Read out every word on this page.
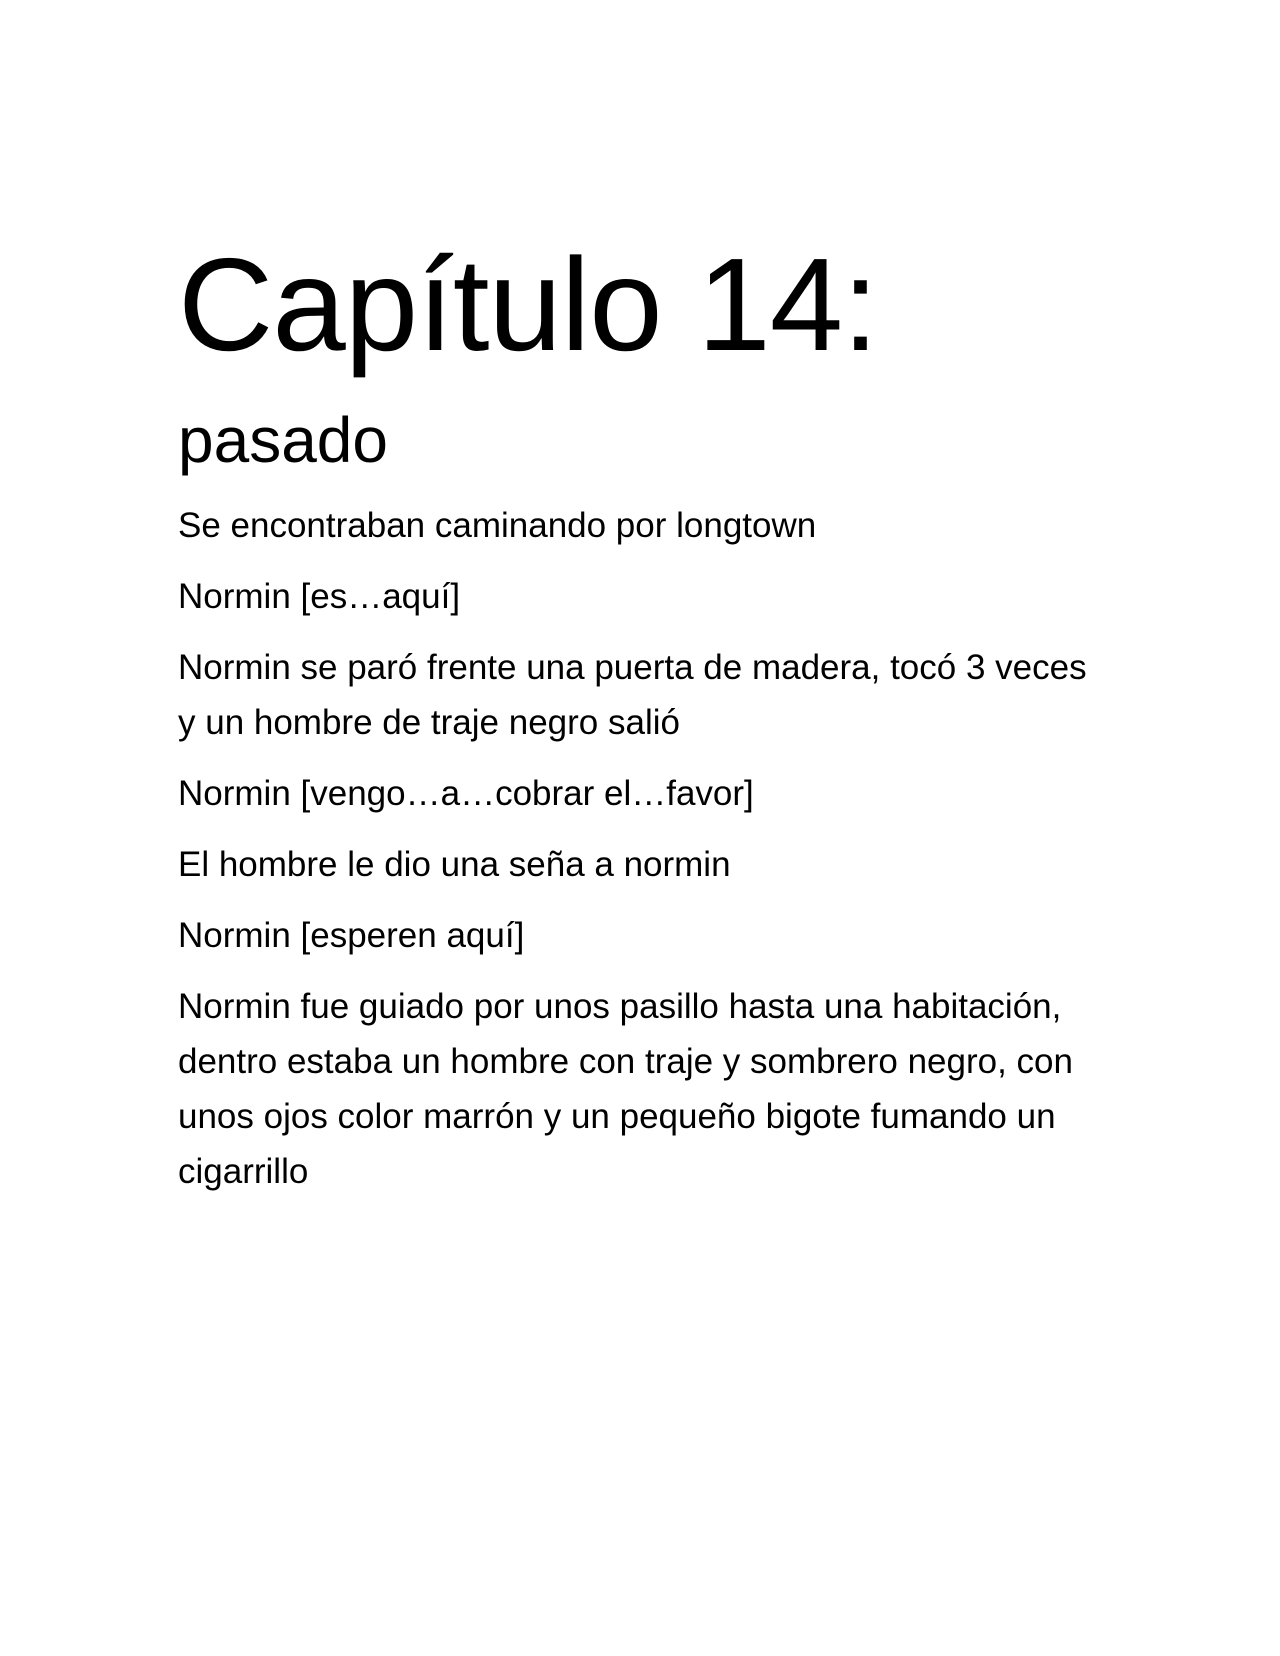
Capítulo 14:
pasado

Se encontraban caminando por longtown

Normin [es…aquí]

Normin se paró frente una puerta de madera, tocó 3 veces y un hombre de traje negro salió

Normin [vengo…a…cobrar el…favor]

El hombre le dio una seña a normin

Normin [esperen aquí]

Normin fue guiado por unos pasillo hasta una habitación, dentro estaba un hombre con traje y sombrero negro, con unos ojos color marrón y un pequeño bigote fumando un cigarrillo
